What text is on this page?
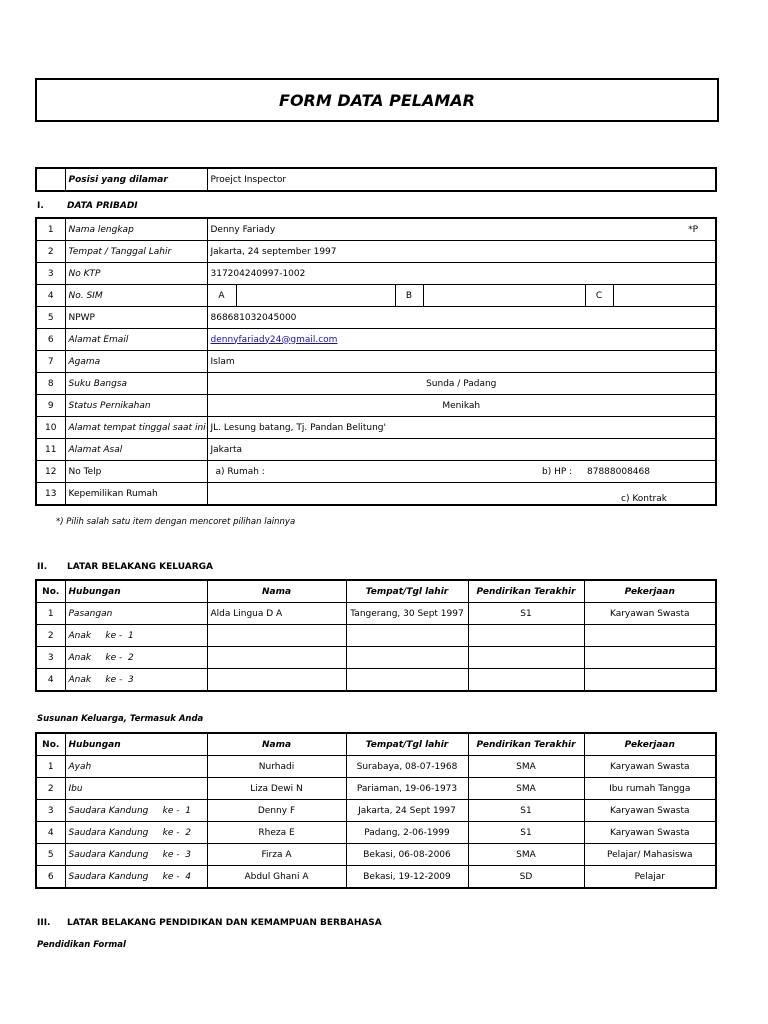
FORM DATA PELAMAR
	Posisi yang dilamar	Proejct Inspector
I.	DATA PRIBADI
1	Nama lengkap	Denny Fariady *P					

2	Tempat / Tanggal Lahir	Jakarta, 24 september 1997					
3	No KTP	317204240997-1002					
4	No. SIM	A		B		C	
5	NPWP	868681032045000					
6	Alamat Email	dennyfariady24@gmail.com					
7	Agama	Islam					
8	Suku Bangsa	Sunda / Padang					
9	Status Pernikahan	Menikah					
10	Alamat tempat tinggal saat ini	JL. Lesung batang, Tj. Pandan Belitung'					
11	Alamat Asal	Jakarta					
12	No Telp	a) Rumah : b) HP : 87888008468					

13	Kepemilikan Rumah	c) Kontrak					
*) Pilih salah satu item dengan mencoret pilihan lainnya
II. LATAR BELAKANG KELUARGA
No.	Hubungan	Nama	Tempat/Tgl lahir	Pendirikan Terakhir	Pekerjaan
1	Pasangan	Alda Lingua D A	Tangerang, 30 Sept 1997	S1	Karyawan Swasta
2	Anak     ke -  1				
3	Anak     ke -  2				
4	Anak     ke -  3				
Susunan Keluarga, Termasuk Anda
No.	Hubungan	Nama	Tempat/Tgl lahir	Pendirikan Terakhir	Pekerjaan
1	Ayah	Nurhadi	Surabaya, 08-07-1968	SMA	Karyawan Swasta
2	Ibu	Liza Dewi N	Pariaman, 19-06-1973	SMA	Ibu rumah Tangga
3	Saudara Kandung     ke -  1	Denny F	Jakarta, 24 Sept 1997	S1	Karyawan Swasta
4	Saudara Kandung     ke -  2	Rheza E	Padang, 2-06-1999	S1	Karyawan Swasta
5	Saudara Kandung     ke -  3	Firza A	Bekasi, 06-08-2006	SMA	Pelajar/ Mahasiswa
6	Saudara Kandung     ke -  4	Abdul Ghani A	Bekasi, 19-12-2009	SD	Pelajar
III. LATAR BELAKANG PENDIDIKAN DAN KEMAMPUAN BERBAHASA
Pendidikan Formal
